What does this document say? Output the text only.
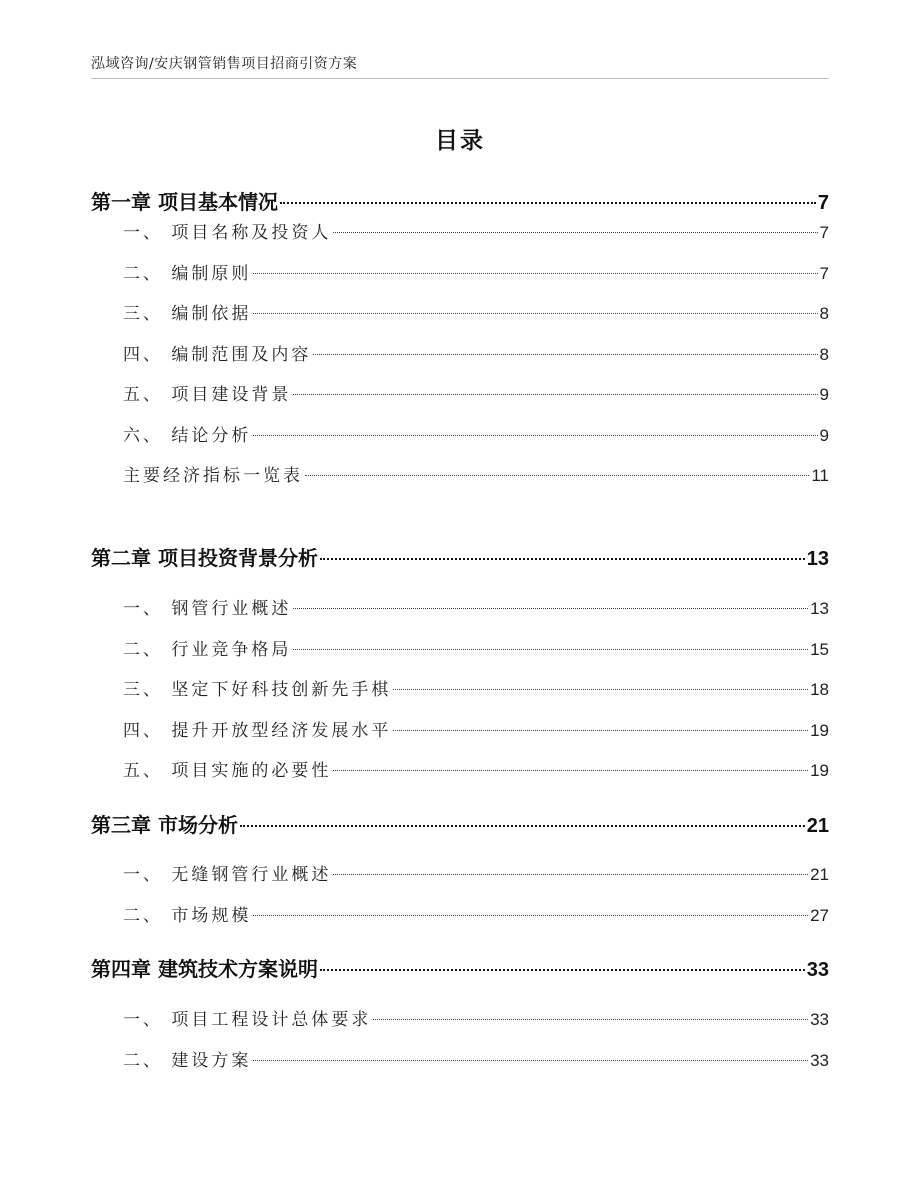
泓域咨询/安庆钢管销售项目招商引资方案
目录
第一章 项目基本情况	7
一、 项目名称及投资人	7
二、 编制原则	7
三、 编制依据	8
四、 编制范围及内容	8
五、 项目建设背景	9
六、 结论分析	9
主要经济指标一览表	11
第二章 项目投资背景分析	13
一、 钢管行业概述	13
二、 行业竞争格局	15
三、 坚定下好科技创新先手棋	18
四、 提升开放型经济发展水平	19
五、 项目实施的必要性	19
第三章 市场分析	21
一、 无缝钢管行业概述	21
二、 市场规模	27
第四章 建筑技术方案说明	33
一、 项目工程设计总体要求	33
二、 建设方案	33
